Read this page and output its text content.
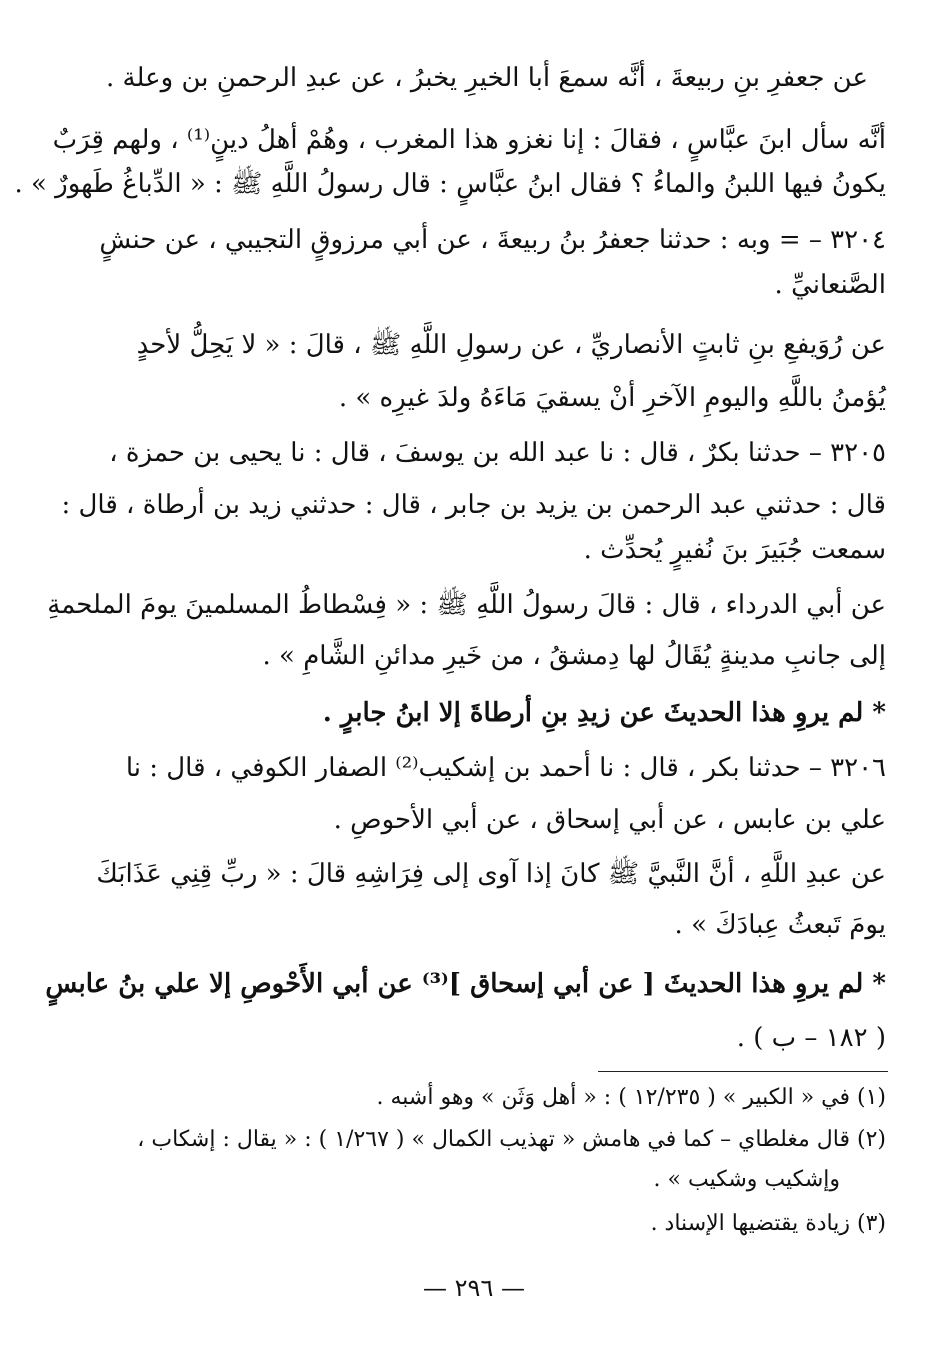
عن جعفرِ بنِ ربيعةَ ، أنَّه سمعَ أبا الخيرِ يخبرُ ، عن عبدِ الرحمنِ بن وعلة .
أنَّه سأل ابنَ عبَّاسٍ ، فقالَ : إنا نغزو هذا المغرب ، وهُمْ أهلُ دينٍ⁽¹⁾ ، ولهم قِرَبٌ
يكونُ فيها اللبنُ والماءُ ؟ فقال ابنُ عبَّاسٍ : قال رسولُ اللَّهِ ﷺ : « الدِّباغُ طَهورٌ » .
٣٢٠٤ – = وبه : حدثنا جعفرُ بنُ ربيعةَ ، عن أبي مرزوقٍ التجيبي ، عن حنشٍ
الصَّنعانيِّ .
عن رُوَيفعِ بنِ ثابتٍ الأنصاريِّ ، عن رسولِ اللَّهِ ﷺ ، قالَ : « لا يَحِلُّ لأحدٍ
يُؤمنُ باللَّهِ واليومِ الآخرِ أنْ يسقيَ مَاءَهُ ولدَ غيرِه » .
٣٢٠٥ – حدثنا بكرٌ ، قال : نا عبد الله بن يوسفَ ، قال : نا يحيى بن حمزة ،
قال : حدثني عبد الرحمن بن يزيد بن جابر ، قال : حدثني زيد بن أرطاة ، قال :
سمعت جُبَيرَ بنَ نُفيرٍ يُحدِّث .
عن أبي الدرداء ، قال : قالَ رسولُ اللَّهِ ﷺ : « فِسْطاطُ المسلمينَ يومَ الملحمةِ
إلى جانبِ مدينةٍ يُقَالُ لها دِمشقُ ، من خَيرِ مدائنِ الشَّامِ » .
* لم يروِ هذا الحديثَ عن زيدِ بنِ أرطاةَ إلا ابنُ جابرٍ .
٣٢٠٦ – حدثنا بكر ، قال : نا أحمد بن إشكيب⁽²⁾ الصفار الكوفي ، قال : نا
علي بن عابس ، عن أبي إسحاق ، عن أبي الأحوصِ .
عن عبدِ اللَّهِ ، أنَّ النَّبيَّ ﷺ كانَ إذا آوى إلى فِرَاشِهِ قالَ : « ربِّ قِنِي عَذَابَكَ
يومَ تَبعثُ عِبادَكَ » .
* لم يروِ هذا الحديثَ [ عن أبي إسحاق ]⁽³⁾ عن أبي الأَحْوصِ إلا علي بنُ عابسٍ
( ١٨٢ – ب ) .
(١) في « الكبير » ( ١٢/٢٣٥ ) : « أهل وَثَن » وهو أشبه .
(٢) قال مغلطاي – كما في هامش « تهذيب الكمال » ( ١/٢٦٧ ) : « يقال : إشكاب ،
وإشكيب وشكيب » .
(٣) زيادة يقتضيها الإسناد .
— ٢٩٦ —
